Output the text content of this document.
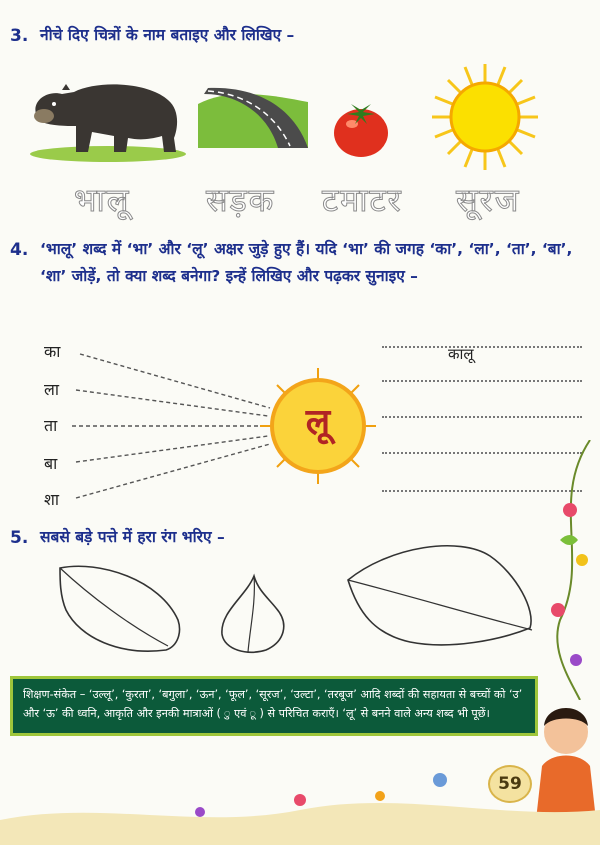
3. नीचे दिए चित्रों के नाम बताइए और लिखिए –
भालू सड़क टमाटर सूरज
4. ‘भालू’ शब्द में ‘भा’ और ‘लू’ अक्षर जुड़े हुए हैं। यदि ‘भा’ की जगह ‘का’, ‘ला’, ‘ता’, ‘बा’, ‘शा’ जोड़ें, तो क्या शब्द बनेगा? इन्हें लिखिए और पढ़कर सुनाइए –
का
ला
ता
बा
शा
लू
कालू
5. सबसे बड़े पत्ते में हरा रंग भरिए –
शिक्षण-संकेत – ‘उल्लू’, ‘कुरता’, ‘बगुला’, ‘ऊन’, ‘फूल’, ‘सूरज’, ‘उल्टा’, ‘तरबूज’ आदि शब्दों की सहायता से बच्चों को ‘उ’ और ‘ऊ’ की ध्वनि, आकृति और इनकी मात्राओं ( ु एवं ू ) से परिचित कराएँ। ‘लू’ से बनने वाले अन्य शब्द भी पूछें।
59
